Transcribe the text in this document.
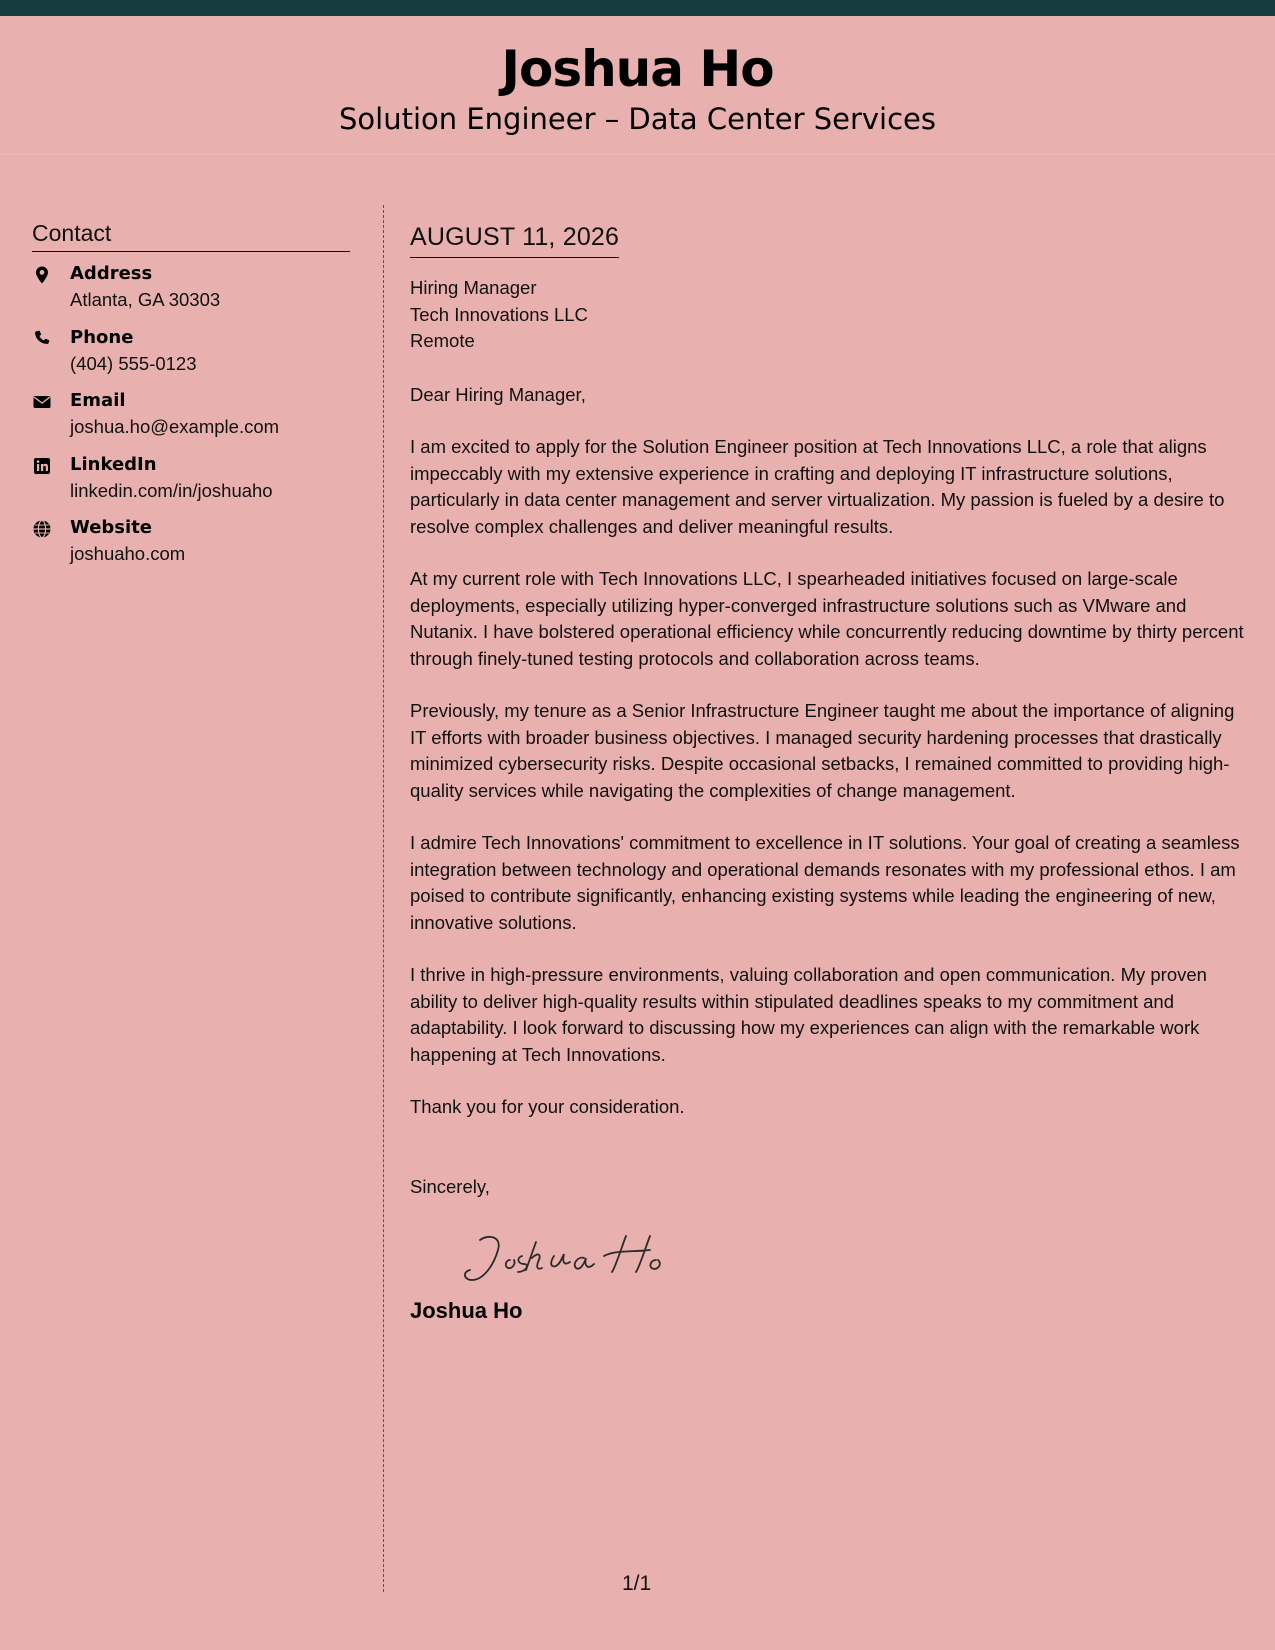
Joshua Ho
Solution Engineer – Data Center Services
Contact
Address
Atlanta, GA 30303
Phone
(404) 555-0123
Email
joshua.ho@example.com
LinkedIn
linkedin.com/in/joshuaho
Website
joshuaho.com
AUGUST 11, 2026
Hiring Manager
Tech Innovations LLC
Remote
Dear Hiring Manager,

I am excited to apply for the Solution Engineer position at Tech Innovations LLC, a role that aligns impeccably with my extensive experience in crafting and deploying IT infrastructure solutions, particularly in data center management and server virtualization. My passion is fueled by a desire to resolve complex challenges and deliver meaningful results.

At my current role with Tech Innovations LLC, I spearheaded initiatives focused on large-scale deployments, especially utilizing hyper-converged infrastructure solutions such as VMware and Nutanix. I have bolstered operational efficiency while concurrently reducing downtime by thirty percent through finely-tuned testing protocols and collaboration across teams.

Previously, my tenure as a Senior Infrastructure Engineer taught me about the importance of aligning IT efforts with broader business objectives. I managed security hardening processes that drastically minimized cybersecurity risks. Despite occasional setbacks, I remained committed to providing high-quality services while navigating the complexities of change management.

I admire Tech Innovations' commitment to excellence in IT solutions. Your goal of creating a seamless integration between technology and operational demands resonates with my professional ethos. I am poised to contribute significantly, enhancing existing systems while leading the engineering of new, innovative solutions.

I thrive in high-pressure environments, valuing collaboration and open communication. My proven ability to deliver high-quality results within stipulated deadlines speaks to my commitment and adaptability. I look forward to discussing how my experiences can align with the remarkable work happening at Tech Innovations.

Thank you for your consideration.

Sincerely,
Joshua Ho
1/1
